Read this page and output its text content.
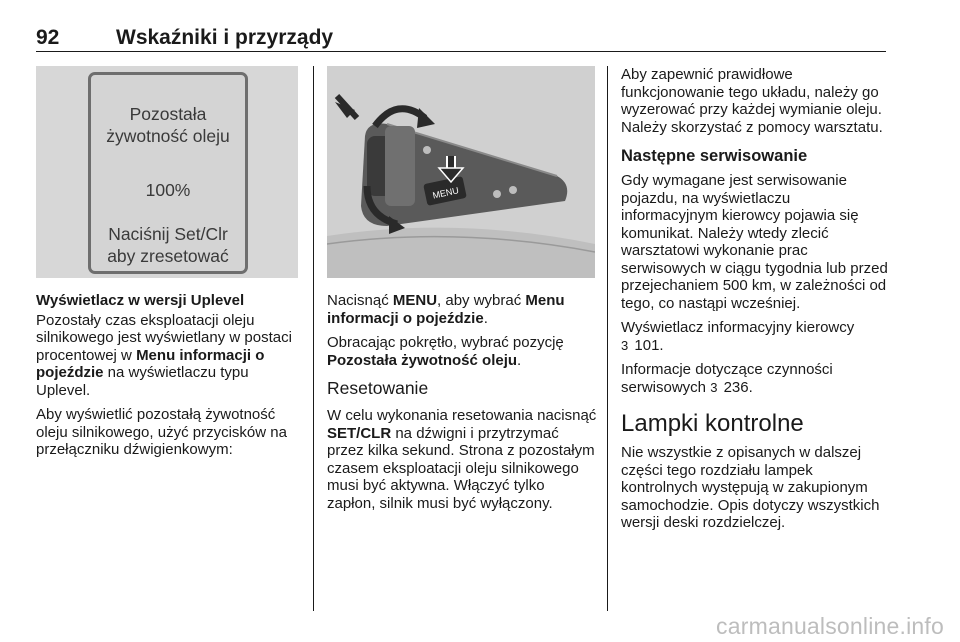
92	Wskaźniki i przyrządy
Pozostała
żywotność oleju
100%
Naciśnij Set/Clr
aby zresetować

Wyświetlacz w wersji Uplevel

Pozostały czas eksploatacji oleju silnikowego jest wyświetlany w postaci procentowej w Menu informacji o pojeździe na wyświetlaczu typu Uplevel.

Aby wyświetlić pozostałą żywotność oleju silnikowego, użyć przycisków na przełączniku dźwigienkowym:

MENU

Nacisnąć MENU, aby wybrać Menu informacji o pojeździe.

Obracając pokrętło, wybrać pozycję Pozostała żywotność oleju.

Resetowanie

W celu wykonania resetowania nacisnąć SET/CLR na dźwigni i przytrzymać przez kilka sekund. Strona z pozostałym czasem eksploatacji oleju silnikowego musi być aktywna. Włączyć tylko zapłon, silnik musi być wyłączony.

Aby zapewnić prawidłowe funkcjonowanie tego układu, należy go wyzerować przy każdej wymianie oleju. Należy skorzystać z pomocy warsztatu.

Następne serwisowanie

Gdy wymagane jest serwisowanie pojazdu, na wyświetlaczu informacyjnym kierowcy pojawia się komunikat. Należy wtedy zlecić warsztatowi wykonanie prac serwisowych w ciągu tygodnia lub przed przejechaniem 500 km, w zależności od tego, co nastąpi wcześniej.

Wyświetlacz informacyjny kierowcy
3 101.

Informacje dotyczące czynności serwisowych 3 236.

Lampki kontrolne

Nie wszystkie z opisanych w dalszej części tego rozdziału lampek kontrolnych występują w zakupionym samochodzie. Opis dotyczy wszystkich wersji deski rozdzielczej.

carmanualsonline.info
